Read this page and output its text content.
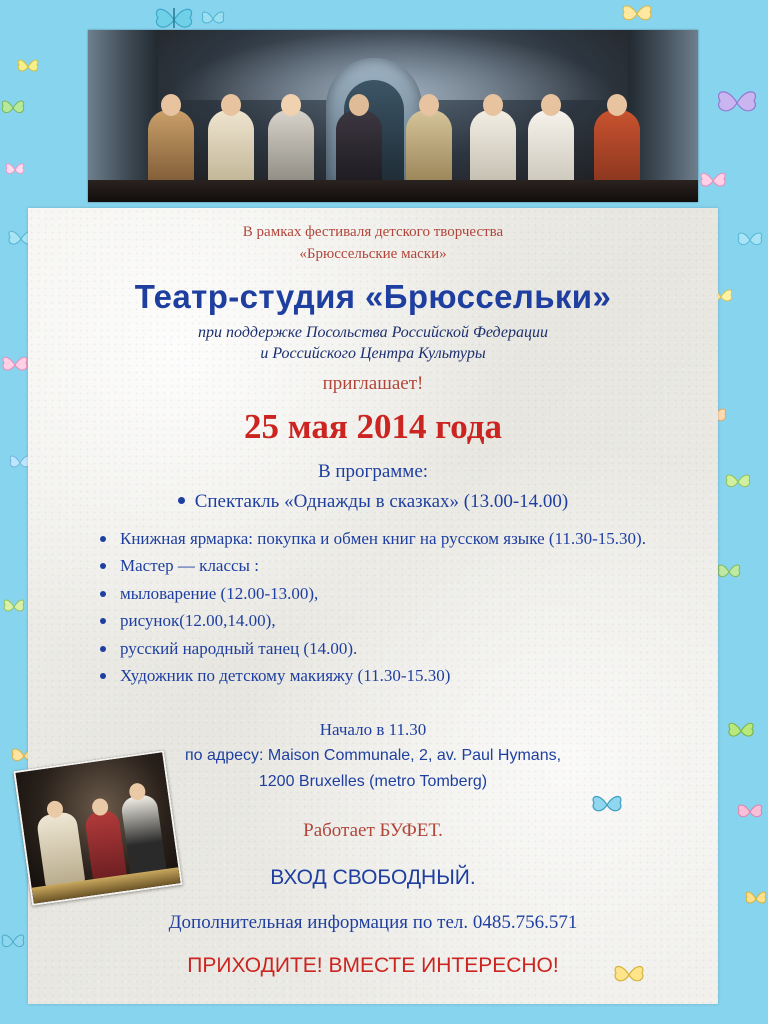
В рамках фестиваля детского творчества
«Брюссельские маски»
Театр-студия «Брюссельки»
при поддержке Посольства Российской Федерации
и Российского Центра Культуры
приглашает!
25 мая 2014 года
В программе:
Спектакль «Однажды в сказках» (13.00-14.00)
Книжная ярмарка: покупка и обмен книг на русском языке (11.30-15.30).
Мастер — классы :
мыловарение (12.00-13.00),
рисунок(12.00,14.00),
русский народный танец (14.00).
Художник по детскому макияжу (11.30-15.30)
Начало в 11.30
по адресу: Maison Communale, 2, av. Paul Hymans,
1200 Bruxelles (metro Tomberg)
Работает БУФЕТ.
ВХОД СВОБОДНЫЙ.
Дополнительная информация по тел. 0485.756.571
ПРИХОДИТЕ! ВМЕСТЕ ИНТЕРЕСНО!
